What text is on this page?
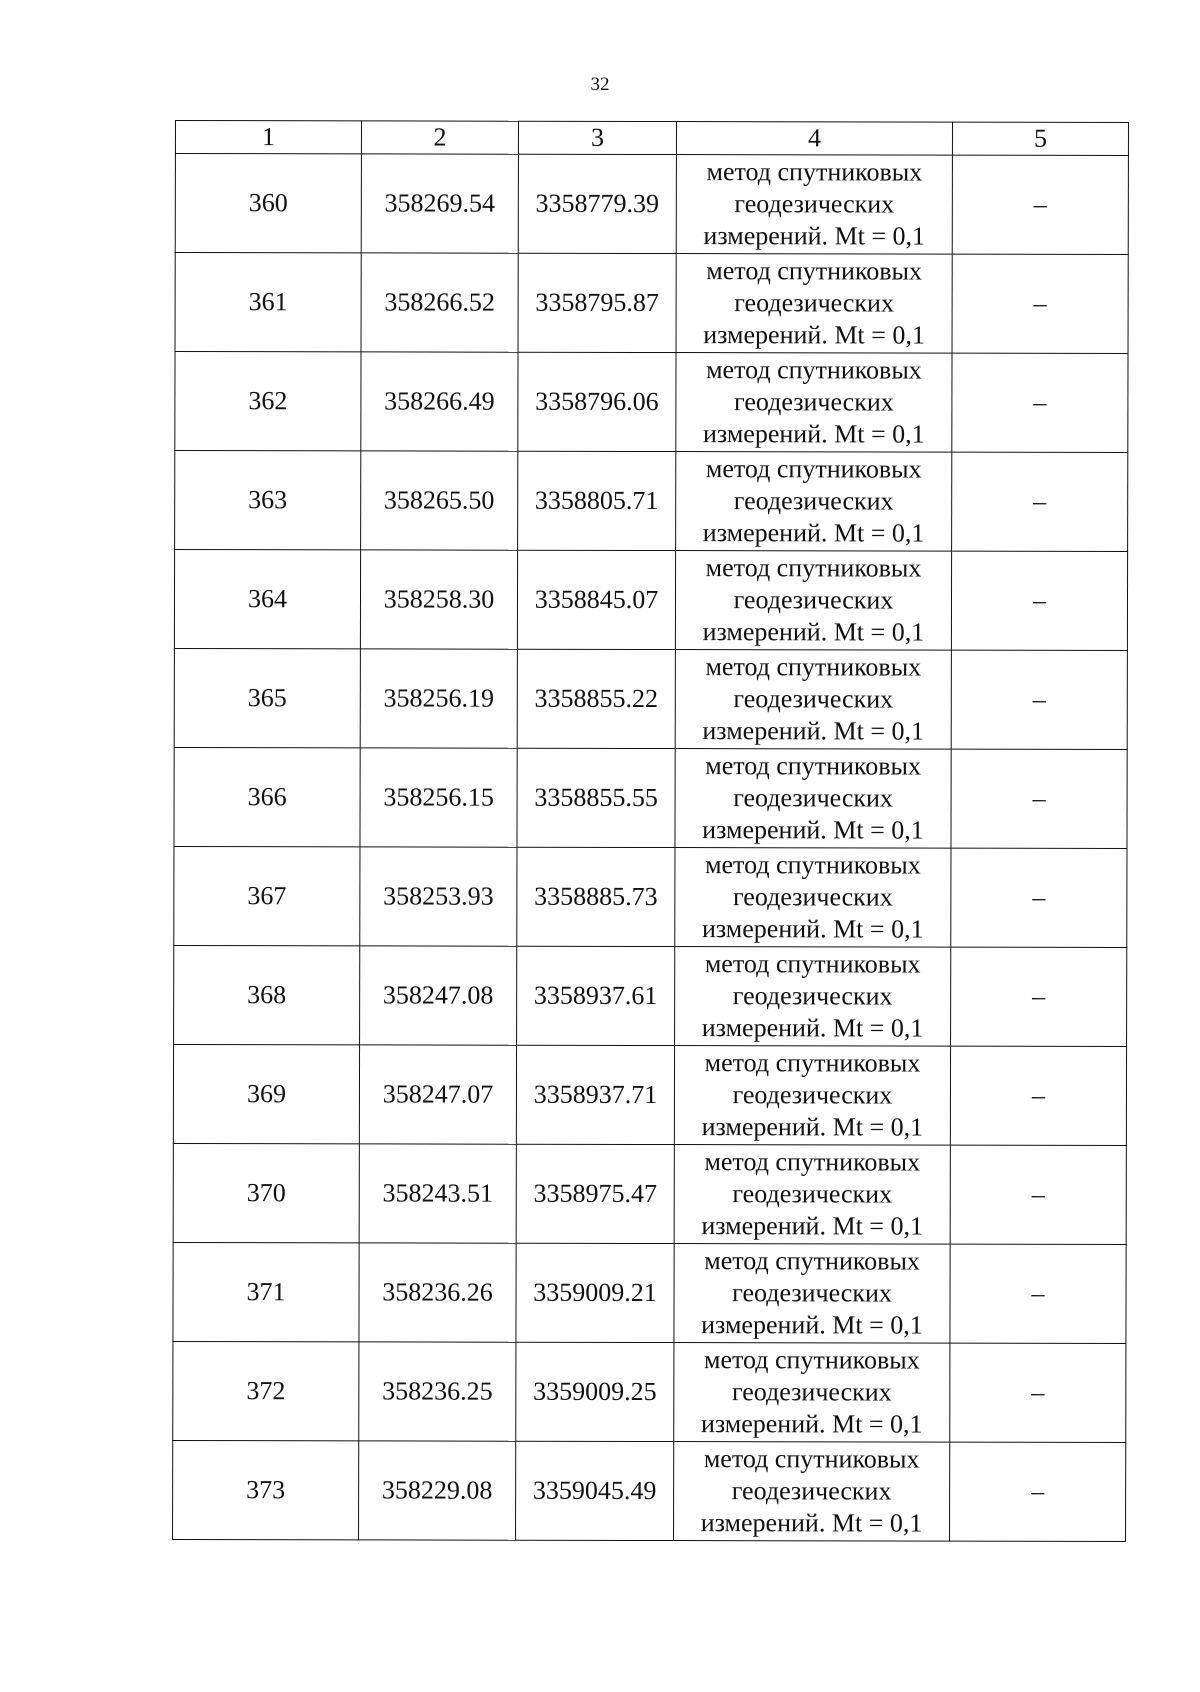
32
1	2	3	4	5
360	358269.54	3358779.39	метод спутниковых
геодезических
измерений. Mt = 0,1	–
361	358266.52	3358795.87	метод спутниковых
геодезических
измерений. Mt = 0,1	–
362	358266.49	3358796.06	метод спутниковых
геодезических
измерений. Mt = 0,1	–
363	358265.50	3358805.71	метод спутниковых
геодезических
измерений. Mt = 0,1	–
364	358258.30	3358845.07	метод спутниковых
геодезических
измерений. Mt = 0,1	–
365	358256.19	3358855.22	метод спутниковых
геодезических
измерений. Mt = 0,1	–
366	358256.15	3358855.55	метод спутниковых
геодезических
измерений. Mt = 0,1	–
367	358253.93	3358885.73	метод спутниковых
геодезических
измерений. Mt = 0,1	–
368	358247.08	3358937.61	метод спутниковых
геодезических
измерений. Mt = 0,1	–
369	358247.07	3358937.71	метод спутниковых
геодезических
измерений. Mt = 0,1	–
370	358243.51	3358975.47	метод спутниковых
геодезических
измерений. Mt = 0,1	–
371	358236.26	3359009.21	метод спутниковых
геодезических
измерений. Mt = 0,1	–
372	358236.25	3359009.25	метод спутниковых
геодезических
измерений. Mt = 0,1	–
373	358229.08	3359045.49	метод спутниковых
геодезических
измерений. Mt = 0,1	–
